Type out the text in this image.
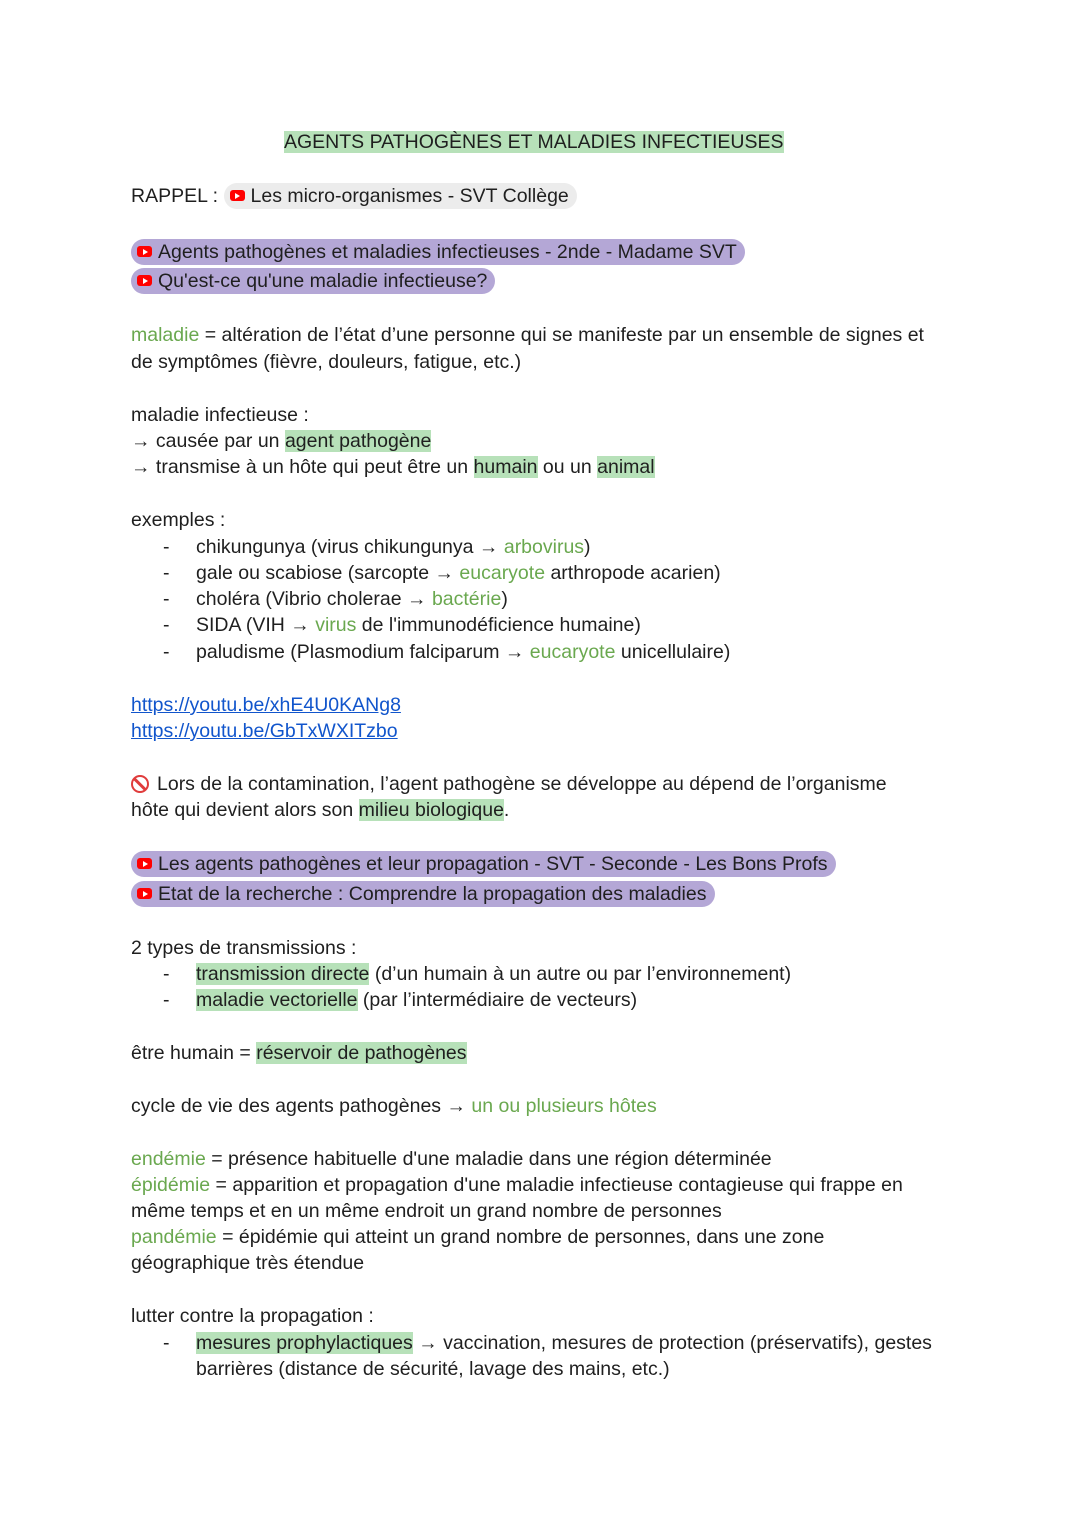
AGENTS PATHOGÈNES ET MALADIES INFECTIEUSES
RAPPEL : Les micro-organismes - SVT Collège
Agents pathogènes et maladies infectieuses - 2nde - Madame SVT
Qu'est-ce qu'une maladie infectieuse?
maladie = altération de l’état d’une personne qui se manifeste par un ensemble de signes et
de symptômes (fièvre, douleurs, fatigue, etc.)
maladie infectieuse :
→ causée par un agent pathogène
→ transmise à un hôte qui peut être un humain ou un animal
exemples :
- chikungunya (virus chikungunya → arbovirus)
- gale ou scabiose (sarcopte → eucaryote arthropode acarien)
- choléra (Vibrio cholerae → bactérie)
- SIDA (VIH → virus de l'immunodéficience humaine)
- paludisme (Plasmodium falciparum → eucaryote unicellulaire)
https://youtu.be/xhE4U0KANg8
https://youtu.be/GbTxWXITzbo
Lors de la contamination, l’agent pathogène se développe au dépend de l’organisme
hôte qui devient alors son milieu biologique.
Les agents pathogènes et leur propagation - SVT - Seconde - Les Bons Profs
Etat de la recherche : Comprendre la propagation des maladies
2 types de transmissions :
- transmission directe (d’un humain à un autre ou par l’environnement)
- maladie vectorielle (par l’intermédiaire de vecteurs)
être humain = réservoir de pathogènes
cycle de vie des agents pathogènes → un ou plusieurs hôtes
endémie = présence habituelle d'une maladie dans une région déterminée
épidémie = apparition et propagation d'une maladie infectieuse contagieuse qui frappe en
même temps et en un même endroit un grand nombre de personnes
pandémie = épidémie qui atteint un grand nombre de personnes, dans une zone
géographique très étendue
lutter contre la propagation :
- mesures prophylactiques → vaccination, mesures de protection (préservatifs), gestes
barrières (distance de sécurité, lavage des mains, etc.)
